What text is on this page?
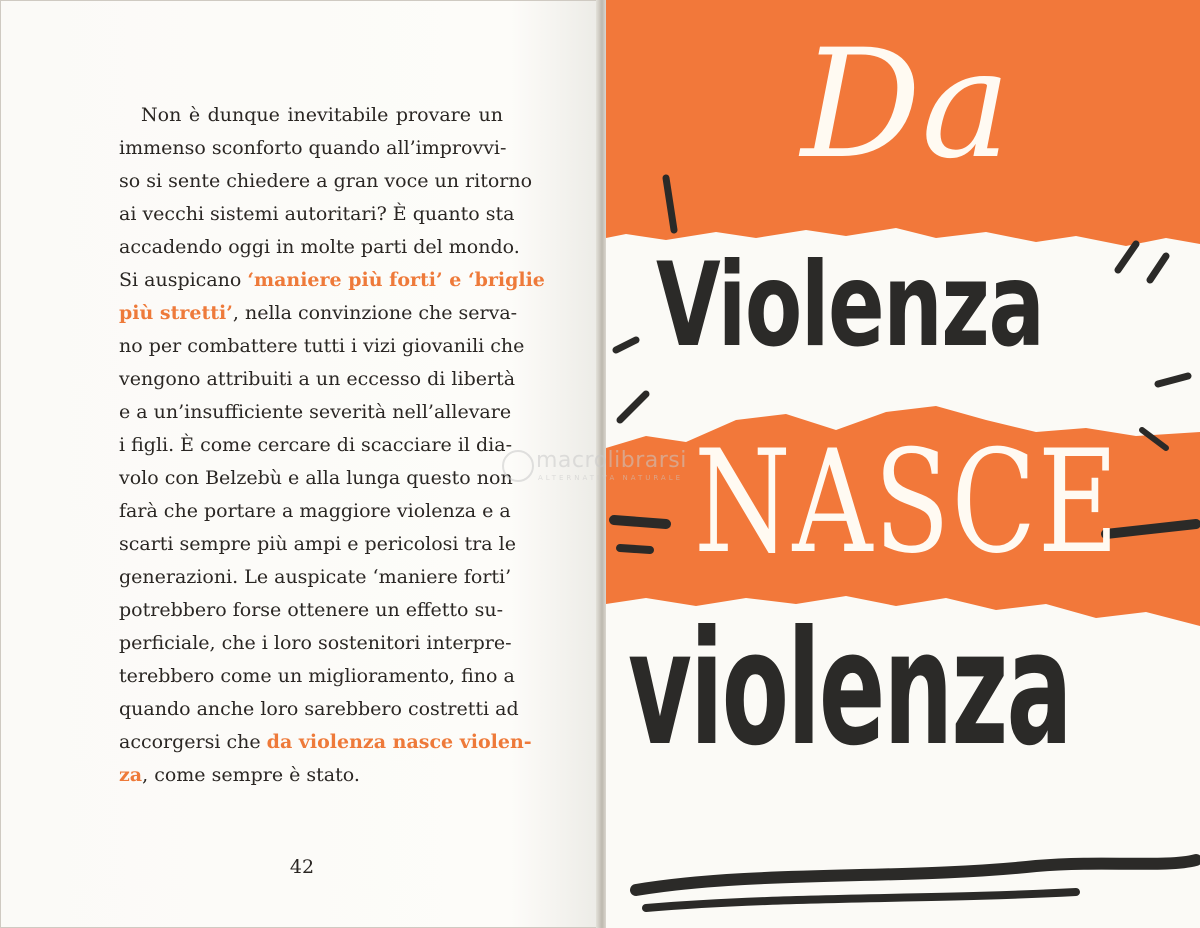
Non è dunque inevitabile provare un
immenso sconforto quando all’improvvi-
so si sente chiedere a gran voce un ritorno
ai vecchi sistemi autoritari? È quanto sta
accadendo oggi in molte parti del mondo.
Si auspicano ‘maniere più forti’ e ‘briglie
più stretti’, nella convinzione che serva-
no per combattere tutti i vizi giovanili che
vengono attribuiti a un eccesso di libertà
e a un’insufficiente severità nell’allevare
i figli. È come cercare di scacciare il dia-
volo con Belzebù e alla lunga questo non
farà che portare a maggiore violenza e a
scarti sempre più ampi e pericolosi tra le
generazioni. Le auspicate ‘maniere forti’
potrebbero forse ottenere un effetto su-
perficiale, che i loro sostenitori interpre-
terebbero come un miglioramento, fino a
quando anche loro sarebbero costretti ad
accorgersi che da violenza nasce violen-
za, come sempre è stato.

42
Da
Violenza
NASCE
violenza
macrolibrarsi
ALTERNATIVA NATURALE
